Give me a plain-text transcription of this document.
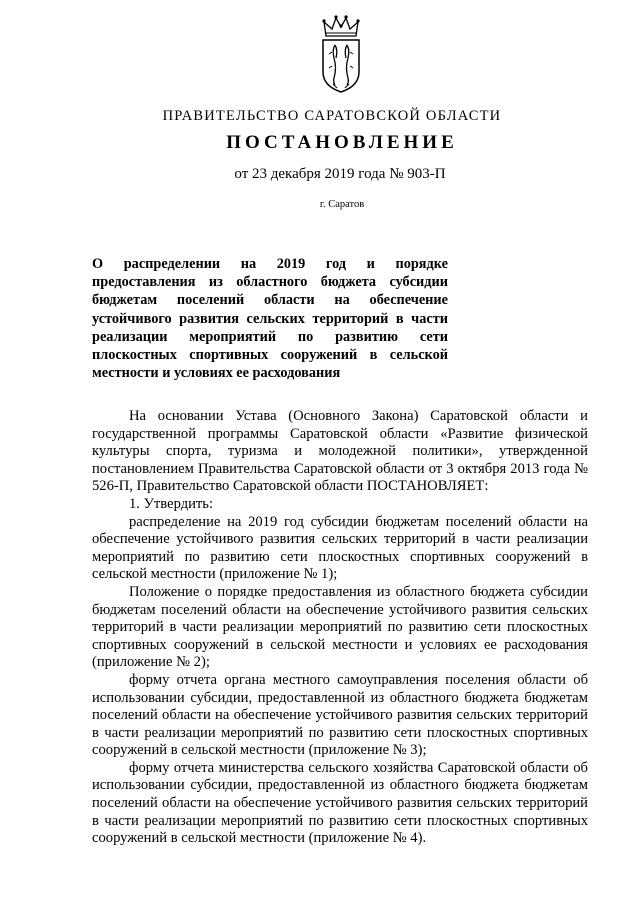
ПРАВИТЕЛЬСТВО САРАТОВСКОЙ ОБЛАСТИ
ПОСТАНОВЛЕНИЕ
от 23 декабря 2019 года № 903-П
г. Саратов
О распределении на 2019 год и порядке
предоставления из областного бюджета субсидии
бюджетам поселений области на обеспечение
устойчивого развития сельских территорий в части
реализации мероприятий по развитию сети
плоскостных спортивных сооружений в сельской
местности и условиях ее расходования

На основании Устава (Основного Закона) Саратовской области и государственной программы Саратовской области «Развитие физической культуры спорта, туризма и молодежной политики», утвержденной постановлением Правительства Саратовской области от 3 октября 2013 года № 526-П, Правительство Саратовской области ПОСТАНОВЛЯЕТ:

1. Утвердить:

распределение на 2019 год субсидии бюджетам поселений области на обеспечение устойчивого развития сельских территорий в части реализации мероприятий по развитию сети плоскостных спортивных сооружений в сельской местности (приложение № 1);

Положение о порядке предоставления из областного бюджета субсидии бюджетам поселений области на обеспечение устойчивого развития сельских территорий в части реализации мероприятий по развитию сети плоскостных спортивных сооружений в сельской местности и условиях ее расходования (приложение № 2);

форму отчета органа местного самоуправления поселения области об использовании субсидии, предоставленной из областного бюджета бюджетам поселений области на обеспечение устойчивого развития сельских территорий в части реализации мероприятий по развитию сети плоскостных спортивных сооружений в сельской местности (приложение № 3);

форму отчета министерства сельского хозяйства Саратовской области об использовании субсидии, предоставленной из областного бюджета бюджетам поселений области на обеспечение устойчивого развития сельских территорий в части реализации мероприятий по развитию сети плоскостных спортивных сооружений в сельской местности (приложение № 4).
